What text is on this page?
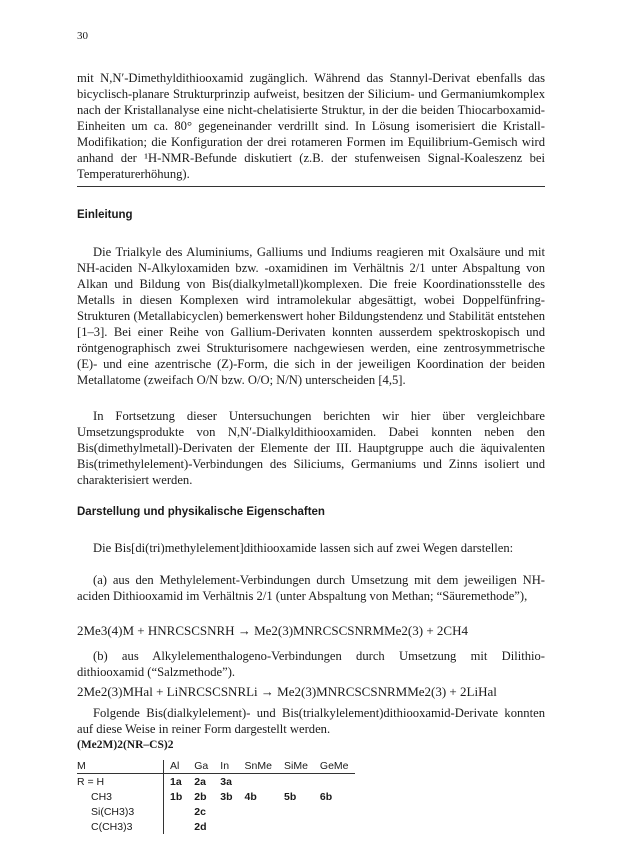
30

mit N,N′-Dimethyldithiooxamid zugänglich. Während das Stannyl-Derivat ebenfalls das bicyclisch-planare Strukturprinzip aufweist, besitzen der Silicium- und Germaniumkomplex nach der Kristallanalyse eine nicht-chelatisierte Struktur, in der die beiden Thiocarboxamid-Einheiten um ca. 80° gegeneinander verdrillt sind. In Lösung isomerisiert die Kristall-Modifikation; die Konfiguration der drei rotameren Formen im Equilibrium-Gemisch wird anhand der ¹H-NMR-Befunde diskutiert (z.B. der stufenweisen Signal-Koaleszenz bei Temperaturerhöhung).

Einleitung

Die Trialkyle des Aluminiums, Galliums und Indiums reagieren mit Oxalsäure und mit NH-aciden N-Alkyloxamiden bzw. -oxamidinen im Verhältnis 2/1 unter Abspaltung von Alkan und Bildung von Bis(dialkylmetall)komplexen. Die freie Koordinationsstelle des Metalls in diesen Komplexen wird intramolekular abgesättigt, wobei Doppelfünfring-Strukturen (Metallabicyclen) bemerkenswert hoher Bildungstendenz und Stabilität entstehen [1–3]. Bei einer Reihe von Gallium-Derivaten konnten ausserdem spektroskopisch und röntgenographisch zwei Strukturisomere nachgewiesen werden, eine zentrosymmetrische (E)- und eine azentrische (Z)-Form, die sich in der jeweiligen Koordination der beiden Metallatome (zweifach O/N bzw. O/O; N/N) unterscheiden [4,5].

In Fortsetzung dieser Untersuchungen berichten wir hier über vergleichbare Umsetzungsprodukte von N,N′-Dialkyldithiooxamiden. Dabei konnten neben den Bis(dimethylmetall)-Derivaten der Elemente der III. Hauptgruppe auch die äquivalenten Bis(trimethylelement)-Verbindungen des Siliciums, Germaniums und Zinns isoliert und charakterisiert werden.

Darstellung und physikalische Eigenschaften

Die Bis[di(tri)methylelement]dithiooxamide lassen sich auf zwei Wegen darstellen:

(a) aus den Methylelement-Verbindungen durch Umsetzung mit dem jeweiligen NH-aciden Dithiooxamid im Verhältnis 2/1 (unter Abspaltung von Methan; “Säuremethode”),

2Me3(4)M + HNRCSCSNRH → Me2(3)MNRCSCSNRMMe2(3) + 2CH4

(b) aus Alkylelementhalogeno-Verbindungen durch Umsetzung mit Dilithio-dithiooxamid (“Salzmethode”).

2Me2(3)MHal + LiNRCSCSNRLi → Me2(3)MNRCSCSNRMMe2(3) + 2LiHal

Folgende Bis(dialkylelement)- und Bis(trialkylelement)dithiooxamid-Derivate konnten auf diese Weise in reiner Form dargestellt werden.

(Me2M)2(NR–CS)2
M	Al	Ga	In	SnMe	SiMe	GeMe
R = H	1a	2a	3a			
CH3	1b	2b	3b	4b	5b	6b
Si(CH3)3		2c				
C(CH3)3		2d				
